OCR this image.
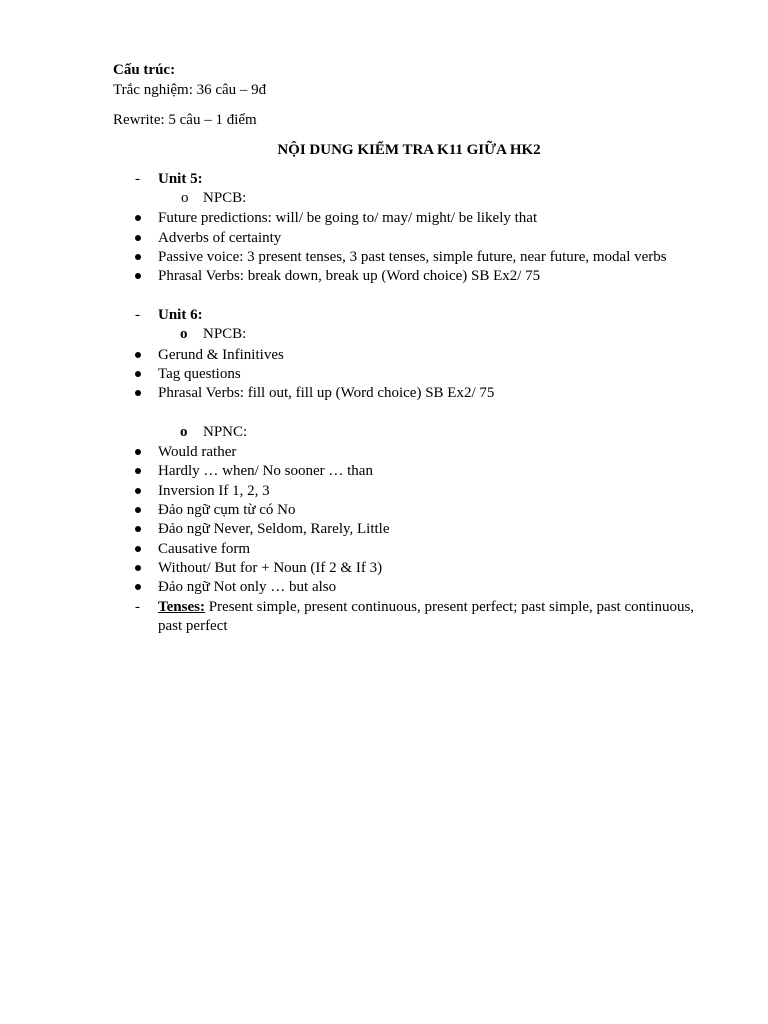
Cấu trúc:
Trắc nghiệm: 36 câu – 9đ
Rewrite: 5 câu – 1 điểm
NỘI DUNG KIỂM TRA K11 GIỮA HK2
- Unit 5:
o NPCB:
Future predictions: will/ be going to/ may/ might/ be likely that
Adverbs of certainty
Passive voice: 3 present tenses, 3 past tenses, simple future, near future, modal verbs
Phrasal Verbs: break down, break up (Word choice) SB Ex2/ 75
- Unit 6:
o NPCB:
Gerund & Infinitives
Tag questions
Phrasal Verbs: fill out, fill up (Word choice) SB Ex2/ 75
o NPNC:
Would rather
Hardly … when/ No sooner … than
Inversion If 1, 2, 3
Đảo ngữ cụm từ có No
Đảo ngữ Never, Seldom, Rarely, Little
Causative form
Without/ But for + Noun (If 2 & If 3)
Đảo ngữ Not only … but also
- Tenses: Present simple, present continuous, present perfect; past simple, past continuous, past perfect
